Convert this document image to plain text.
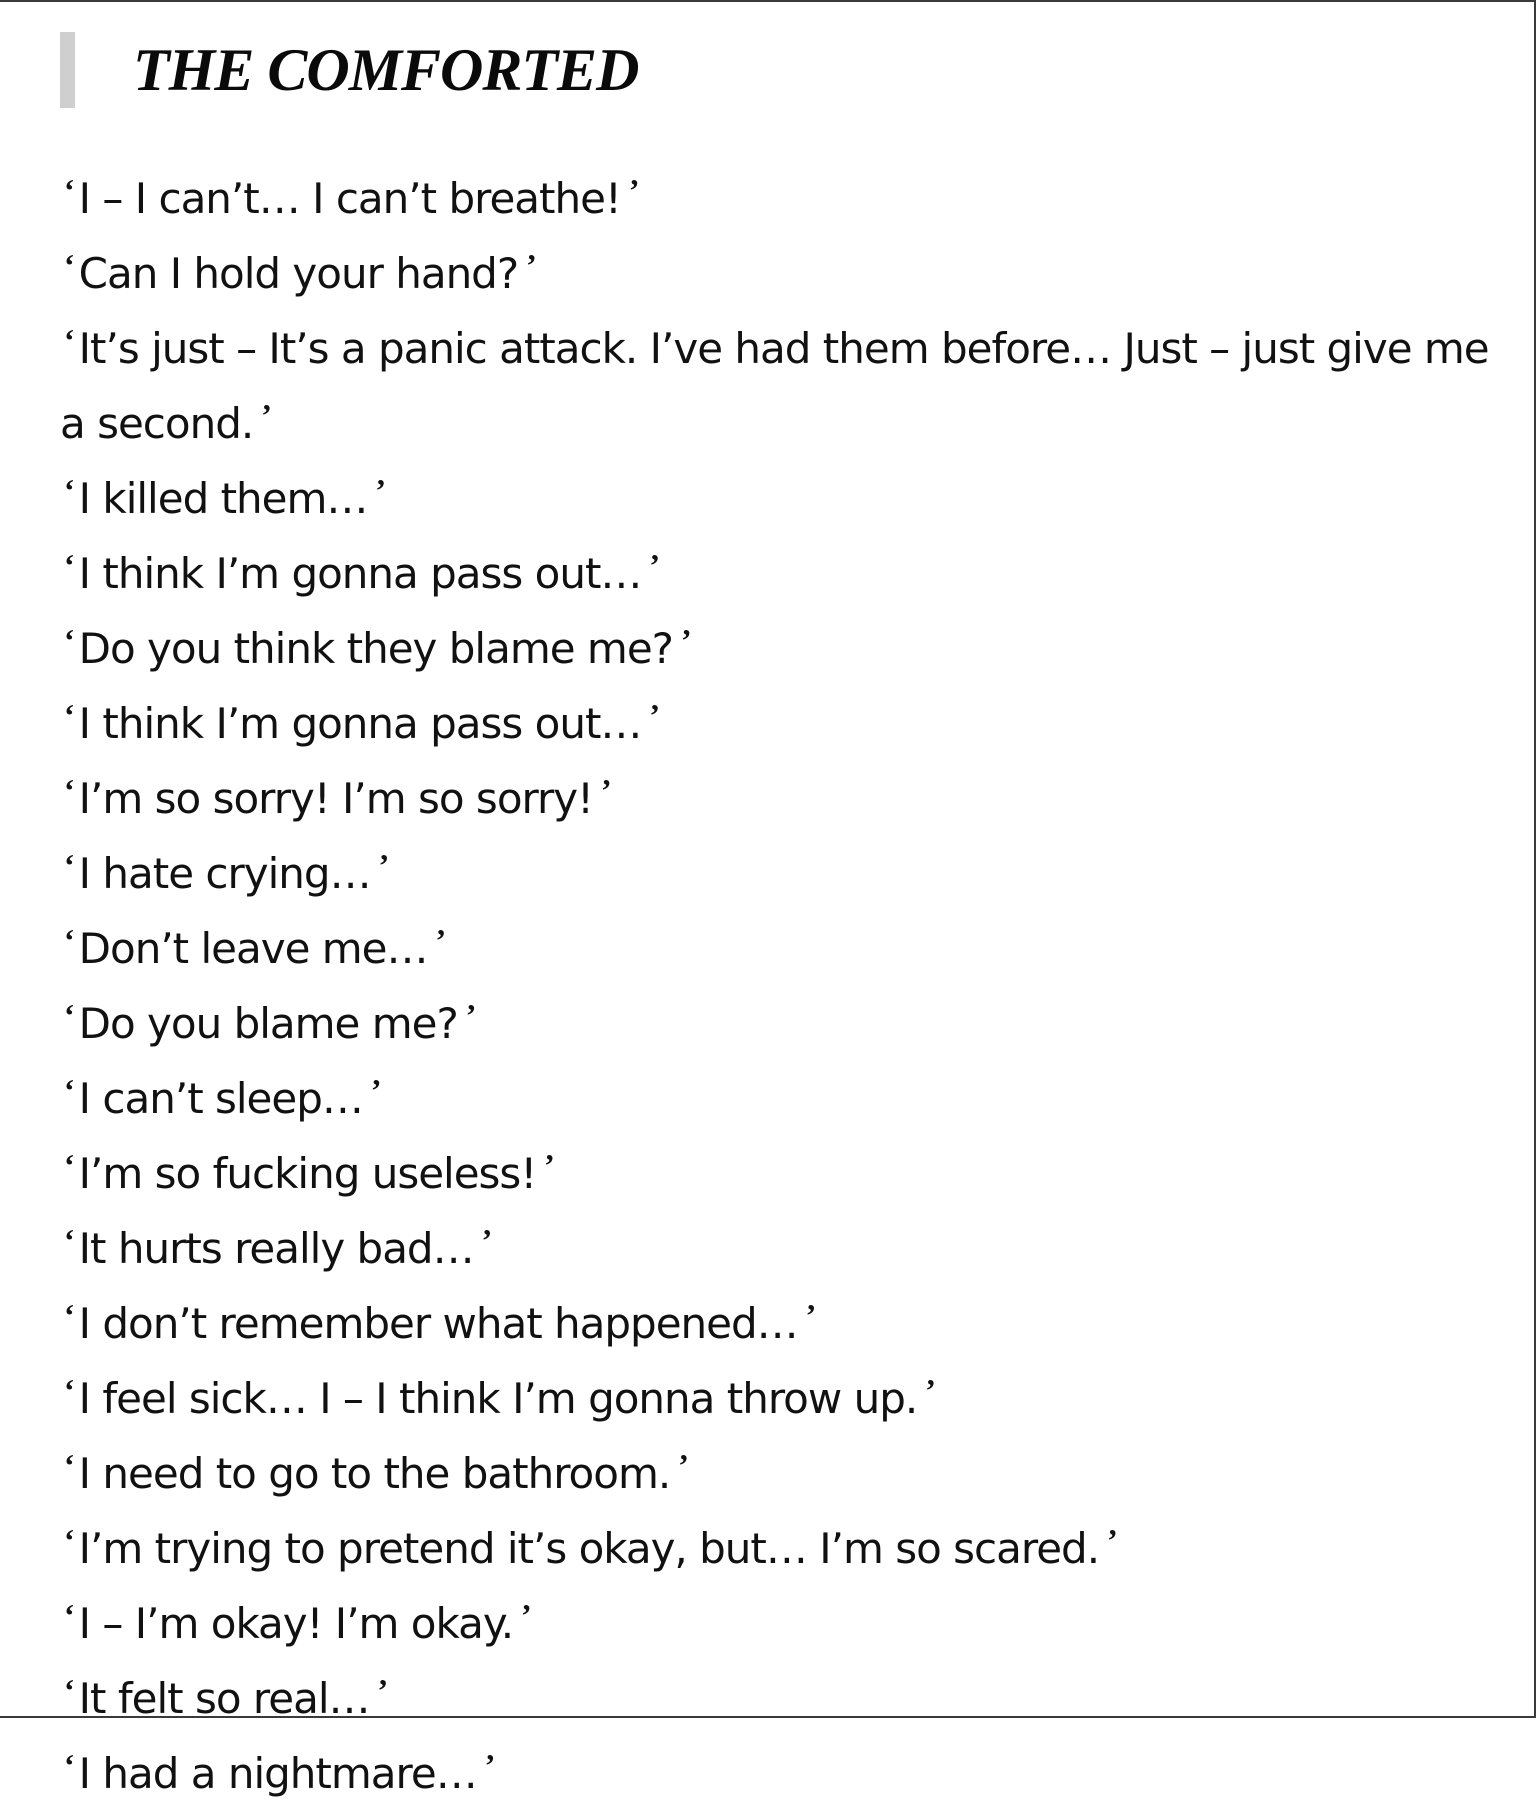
THE COMFORTED
‘ I – I can’t… I can’t breathe! ’
‘ Can I hold your hand? ’
‘ It’s just – It’s a panic attack. I’ve had them before… Just – just give me a second. ’
‘ I killed them… ’
‘ I think I’m gonna pass out… ’
‘ Do you think they blame me? ’
‘ I think I’m gonna pass out… ’
‘ I’m so sorry! I’m so sorry! ’
‘ I hate crying… ’
‘ Don’t leave me… ’
‘ Do you blame me? ’
‘ I can’t sleep… ’
‘ I’m so fucking useless! ’
‘ It hurts really bad… ’
‘ I don’t remember what happened… ’
‘ I feel sick… I – I think I’m gonna throw up. ’
‘ I need to go to the bathroom. ’
‘ I’m trying to pretend it’s okay, but… I’m so scared. ’
‘ I – I’m okay! I’m okay. ’
‘ It felt so real… ’
‘ I had a nightmare… ’
